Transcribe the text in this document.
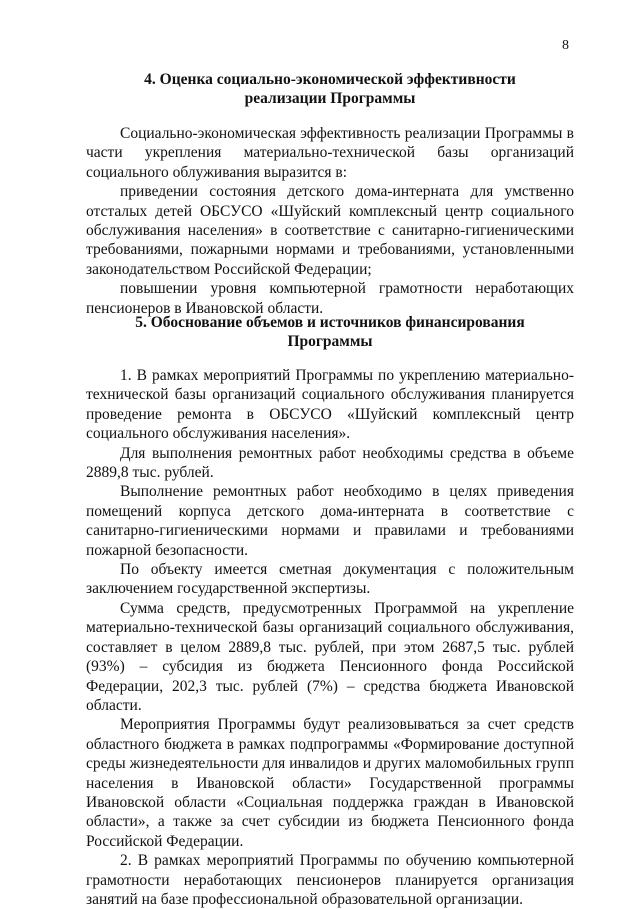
8
4. Оценка социально-экономической эффективности
реализации Программы

Социально-экономическая эффективность реализации Программы в части укрепления материально-технической базы организаций социального облуживания выразится в:

приведении состояния детского дома-интерната для умственно отсталых детей ОБСУСО «Шуйский комплексный центр социального обслуживания населения» в соответствие с санитарно-гигиеническими требованиями, пожарными нормами и требованиями, установленными законодательством Российской Федерации;

повышении уровня компьютерной грамотности неработающих пенсионеров в Ивановской области.

5. Обоснование объемов и источников финансирования
Программы

1. В рамках мероприятий Программы по укреплению материально-технической базы организаций социального обслуживания планируется проведение ремонта в ОБСУСО «Шуйский комплексный центр социального обслуживания населения».

Для выполнения ремонтных работ необходимы средства в объеме 2889,8 тыс. рублей.

Выполнение ремонтных работ необходимо в целях приведения помещений корпуса детского дома-интерната в соответствие с санитарно-гигиеническими нормами и правилами и требованиями пожарной безопасности.

По объекту имеется сметная документация с положительным заключением государственной экспертизы.

Сумма средств, предусмотренных Программой на укрепление материально-технической базы организаций социального обслуживания, составляет в целом 2889,8 тыс. рублей, при этом 2687,5 тыс. рублей (93%) – субсидия из бюджета Пенсионного фонда Российской Федерации, 202,3 тыс. рублей (7%) – средства бюджета Ивановской области.

Мероприятия Программы будут реализовываться за счет средств областного бюджета в рамках подпрограммы «Формирование доступной среды жизнедеятельности для инвалидов и других маломобильных групп населения в Ивановской области» Государственной программы Ивановской области «Социальная поддержка граждан в Ивановской области», а также за счет субсидии из бюджета Пенсионного фонда Российской Федерации.

2. В рамках мероприятий Программы по обучению компьютерной грамотности неработающих пенсионеров планируется организация занятий на базе профессиональной образовательной организации.
